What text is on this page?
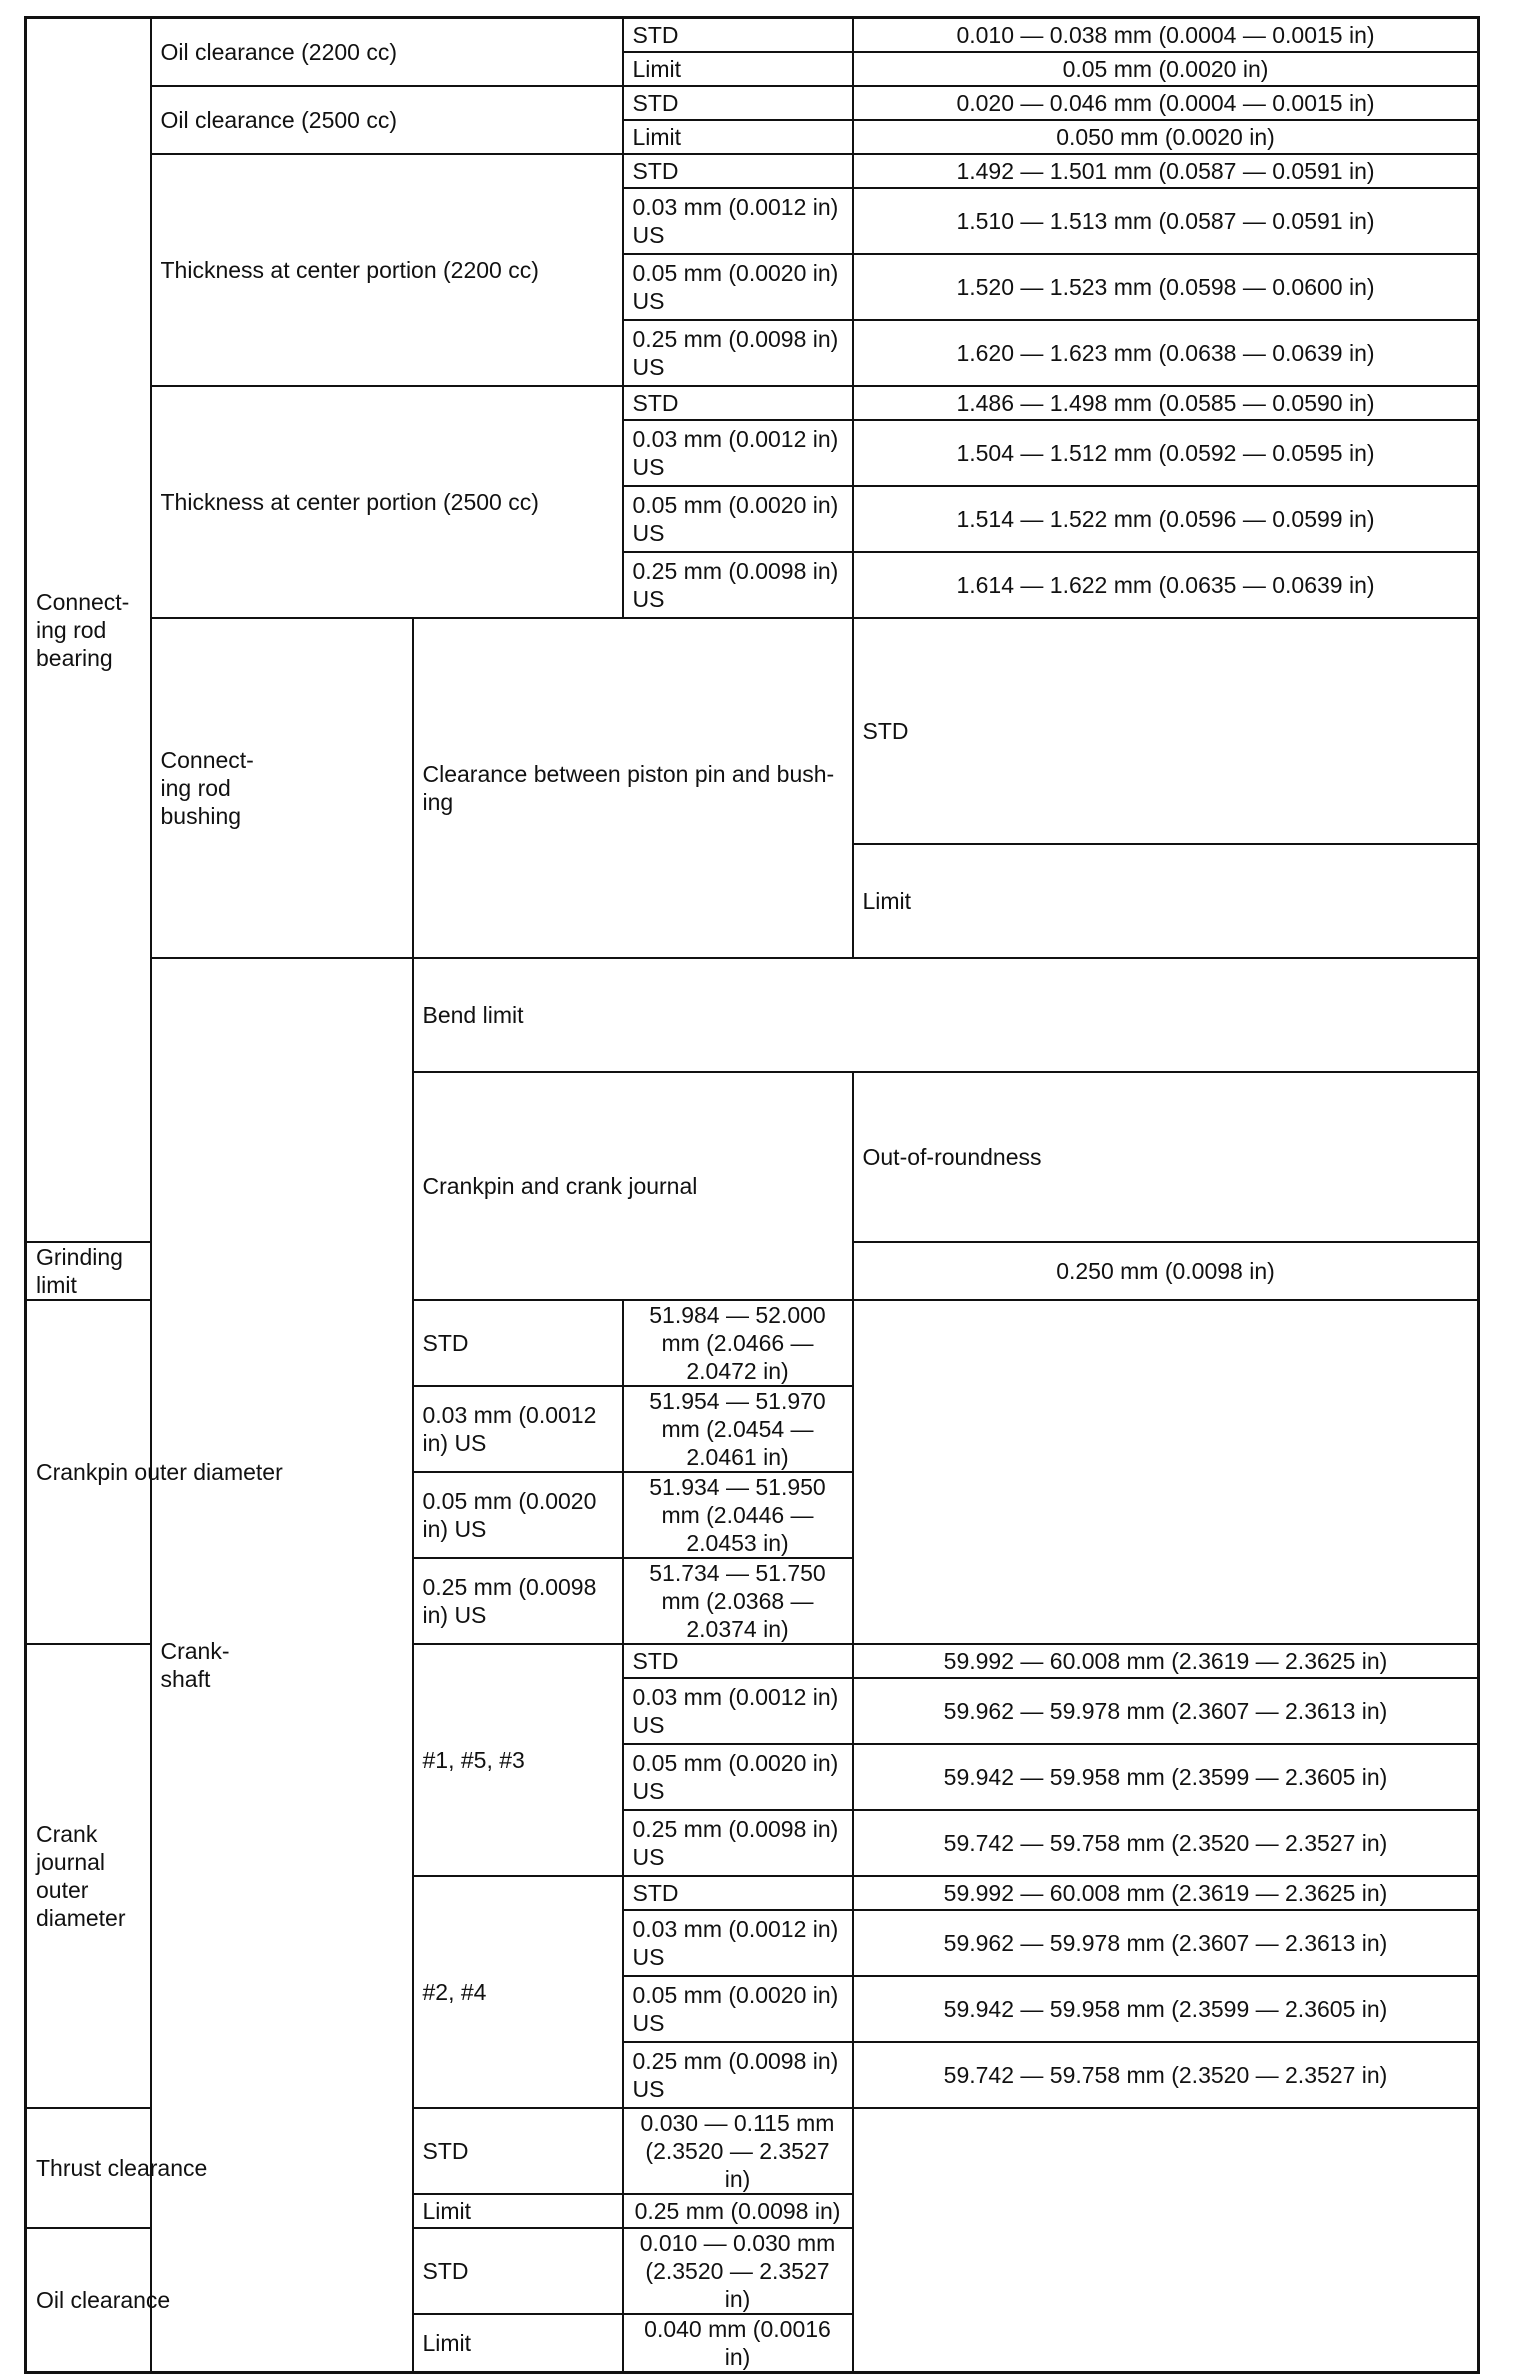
Connect-
ing rod
bearing	Oil clearance (2200 cc)		STD	0.010 — 0.038 mm (0.0004 — 0.0015 in)	
			Limit	0.05 mm (0.0020 in)	
	Oil clearance (2500 cc)		STD	0.020 — 0.046 mm (0.0004 — 0.0015 in)	
			Limit	0.050 mm (0.0020 in)	
	Thickness at center portion (2200 cc)		STD	1.492 — 1.501 mm (0.0587 — 0.0591 in)	
			0.03 mm (0.0012 in) US	1.510 — 1.513 mm (0.0587 — 0.0591 in)	
			0.05 mm (0.0020 in) US	1.520 — 1.523 mm (0.0598 — 0.0600 in)	
			0.25 mm (0.0098 in) US	1.620 — 1.623 mm (0.0638 — 0.0639 in)	
	Thickness at center portion (2500 cc)		STD	1.486 — 1.498 mm (0.0585 — 0.0590 in)	
			0.03 mm (0.0012 in) US	1.504 — 1.512 mm (0.0592 — 0.0595 in)	
			0.05 mm (0.0020 in) US	1.514 — 1.522 mm (0.0596 — 0.0599 in)	
			0.25 mm (0.0098 in) US	1.614 — 1.622 mm (0.0635 — 0.0639 in)	
	Connect-
ing rod
bushing	Clearance between piston pin and bush-
ing		STD	
				Limit	
	Crank-
shaft	Bend limit	
		Crankpin and crank journal		Out-of-roundness	
Grinding limit				0.250 mm (0.0098 in)	
Crankpin outer diameter		STD	51.984 — 52.000 mm (2.0466 — 2.0472 in)		
		0.03 mm (0.0012 in) US	51.954 — 51.970 mm (2.0454 — 2.0461 in)		
		0.05 mm (0.0020 in) US	51.934 — 51.950 mm (2.0446 — 2.0453 in)		
		0.25 mm (0.0098 in) US	51.734 — 51.750 mm (2.0368 — 2.0374 in)		
Crank journal outer
diameter		#1, #5, #3	STD	59.992 — 60.008 mm (2.3619 — 2.3625 in)	
			0.03 mm (0.0012 in) US	59.962 — 59.978 mm (2.3607 — 2.3613 in)	
			0.05 mm (0.0020 in) US	59.942 — 59.958 mm (2.3599 — 2.3605 in)	
			0.25 mm (0.0098 in) US	59.742 — 59.758 mm (2.3520 — 2.3527 in)	
		#2, #4	STD	59.992 — 60.008 mm (2.3619 — 2.3625 in)	
			0.03 mm (0.0012 in) US	59.962 — 59.978 mm (2.3607 — 2.3613 in)	
			0.05 mm (0.0020 in) US	59.942 — 59.958 mm (2.3599 — 2.3605 in)	
			0.25 mm (0.0098 in) US	59.742 — 59.758 mm (2.3520 — 2.3527 in)	
Thrust clearance		STD	0.030 — 0.115 mm (2.3520 — 2.3527 in)		
		Limit	0.25 mm (0.0098 in)		
Oil clearance		STD	0.010 — 0.030 mm (2.3520 — 2.3527 in)		
		Limit	0.040 mm (0.0016 in)		
